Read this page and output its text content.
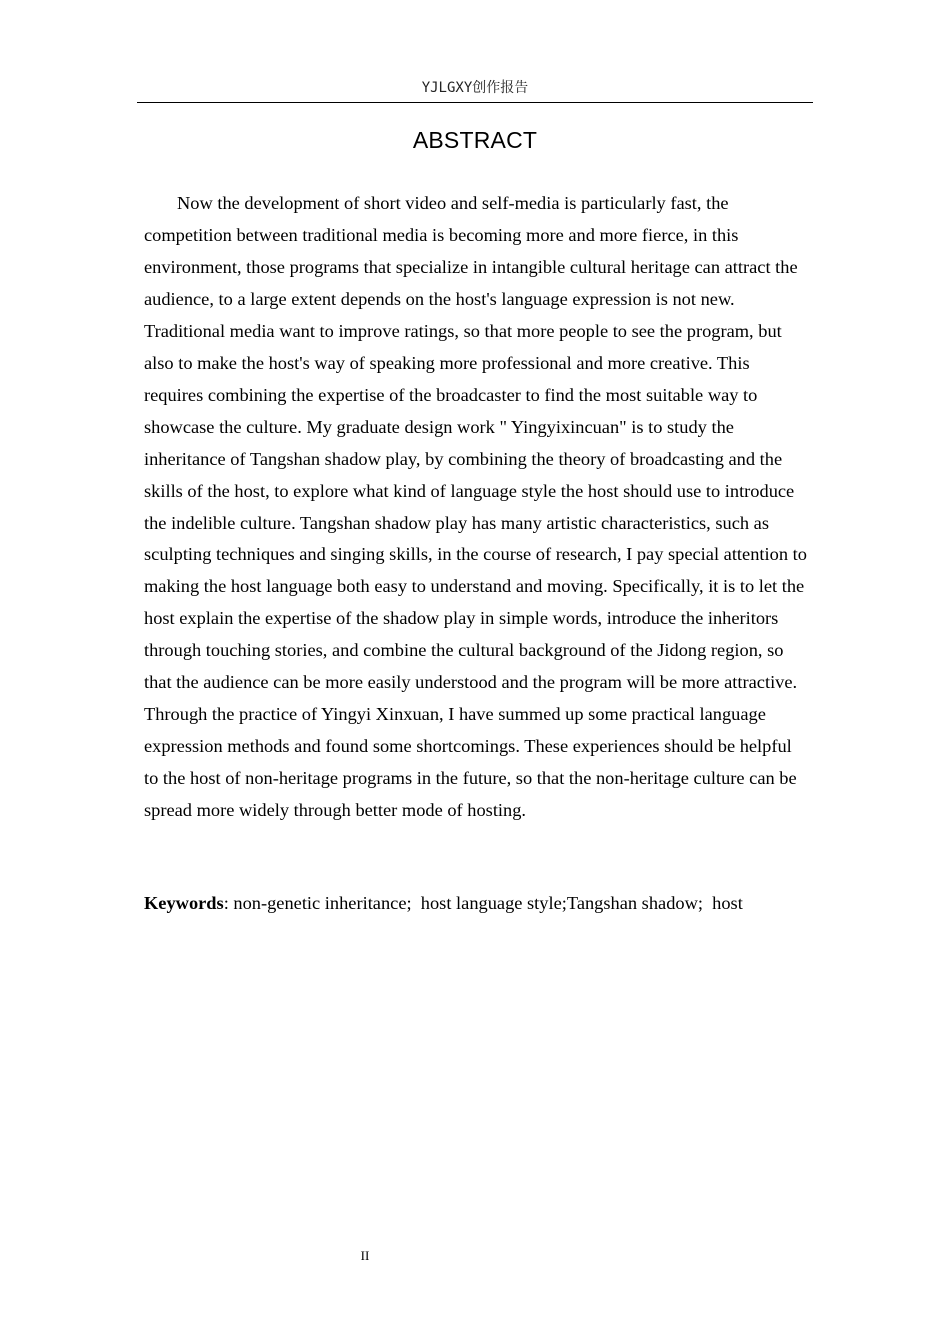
YJLGXY创作报告
ABSTRACT

Now the development of short video and self-media is particularly fast, the competition between traditional media is becoming more and more fierce, in this environment, those programs that specialize in intangible cultural heritage can attract the audience, to a large extent depends on the host's language expression is not new. Traditional media want to improve ratings, so that more people to see the program, but also to make the host's way of speaking more professional and more creative. This requires combining the expertise of the broadcaster to find the most suitable way to showcase the culture. My graduate design work " Yingyixincuan" is to study the inheritance of Tangshan shadow play, by combining the theory of broadcasting and the skills of the host, to explore what kind of language style the host should use to introduce the indelible culture. Tangshan shadow play has many artistic characteristics, such as sculpting techniques and singing skills, in the course of research, I pay special attention to making the host language both easy to understand and moving. Specifically, it is to let the host explain the expertise of the shadow play in simple words, introduce the inheritors through touching stories, and combine the cultural background of the Jidong region, so that the audience can be more easily understood and the program will be more attractive. Through the practice of Yingyi Xinxuan, I have summed up some practical language expression methods and found some shortcomings. These experiences should be helpful to the host of non-heritage programs in the future, so that the non-heritage culture can be spread more widely through better mode of hosting.

Keywords: non-genetic inheritance;  host language style;Tangshan shadow;  host

II
